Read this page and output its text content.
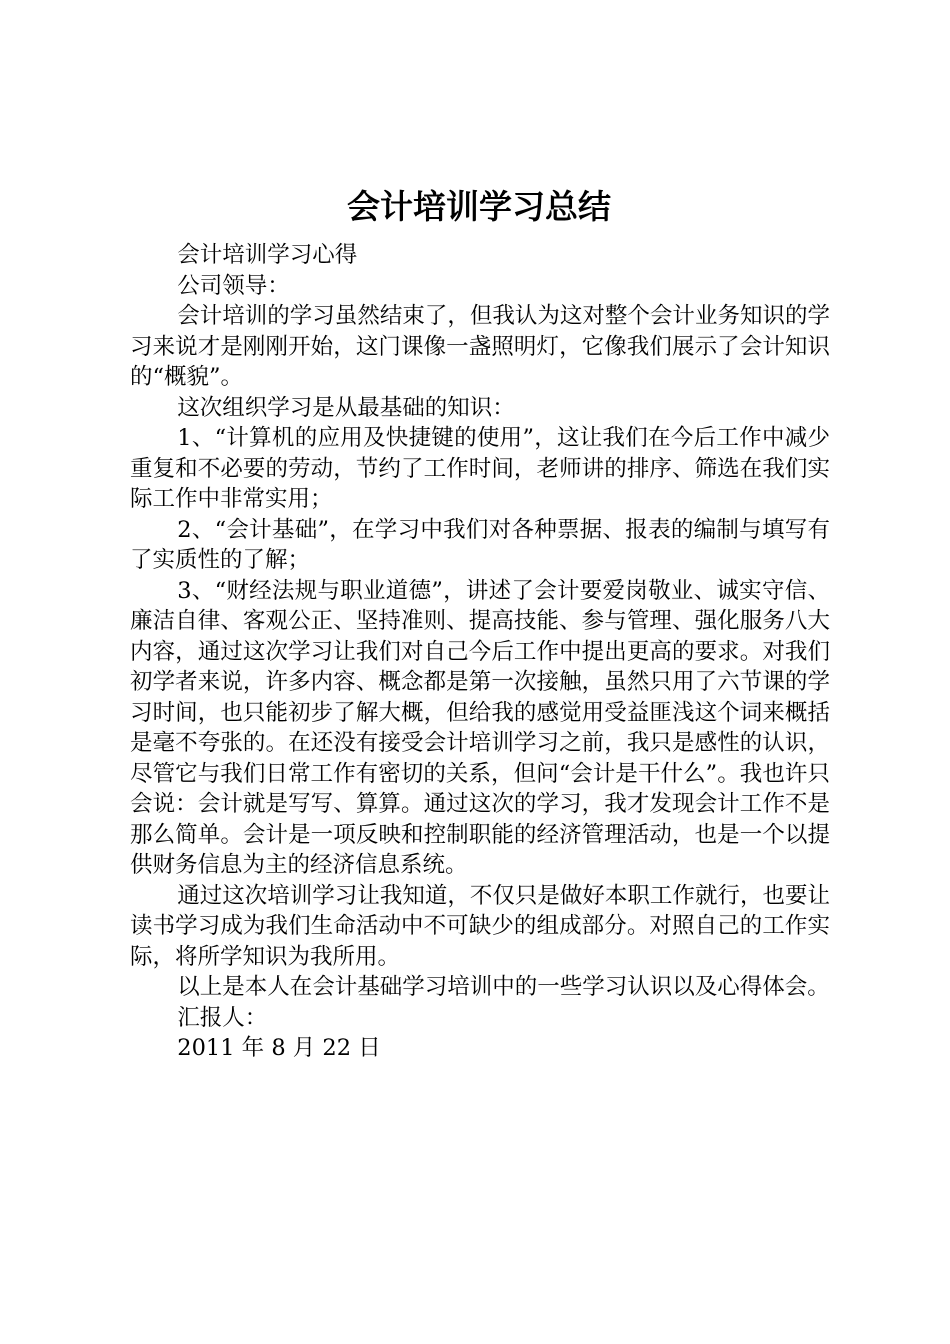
会计培训学习总结

会计培训学习心得

公司领导：

会计培训的学习虽然结束了，但我认为这对整个会计业务知识的学习来说才是刚刚开始，这门课像一盏照明灯，它像我们展示了会计知识的“概貌”。

这次组织学习是从最基础的知识：

1、“计算机的应用及快捷键的使用”，这让我们在今后工作中减少重复和不必要的劳动，节约了工作时间，老师讲的排序、筛选在我们实际工作中非常实用；

2、“会计基础”，在学习中我们对各种票据、报表的编制与填写有了实质性的了解；

3、“财经法规与职业道德”，讲述了会计要爱岗敬业、诚实守信、廉洁自律、客观公正、坚持准则、提高技能、参与管理、强化服务八大内容，通过这次学习让我们对自己今后工作中提出更高的要求。对我们初学者来说，许多内容、概念都是第一次接触，虽然只用了六节课的学习时间，也只能初步了解大概，但给我的感觉用受益匪浅这个词来概括是毫不夸张的。在还没有接受会计培训学习之前，我只是感性的认识，尽管它与我们日常工作有密切的关系，但问“会计是干什么”。我也许只会说：会计就是写写、算算。通过这次的学习，我才发现会计工作不是那么简单。会计是一项反映和控制职能的经济管理活动，也是一个以提供财务信息为主的经济信息系统。

通过这次培训学习让我知道，不仅只是做好本职工作就行，也要让读书学习成为我们生命活动中不可缺少的组成部分。对照自己的工作实际，将所学知识为我所用。

以上是本人在会计基础学习培训中的一些学习认识以及心得体会。

汇报人：

2011 年 8 月 22 日
